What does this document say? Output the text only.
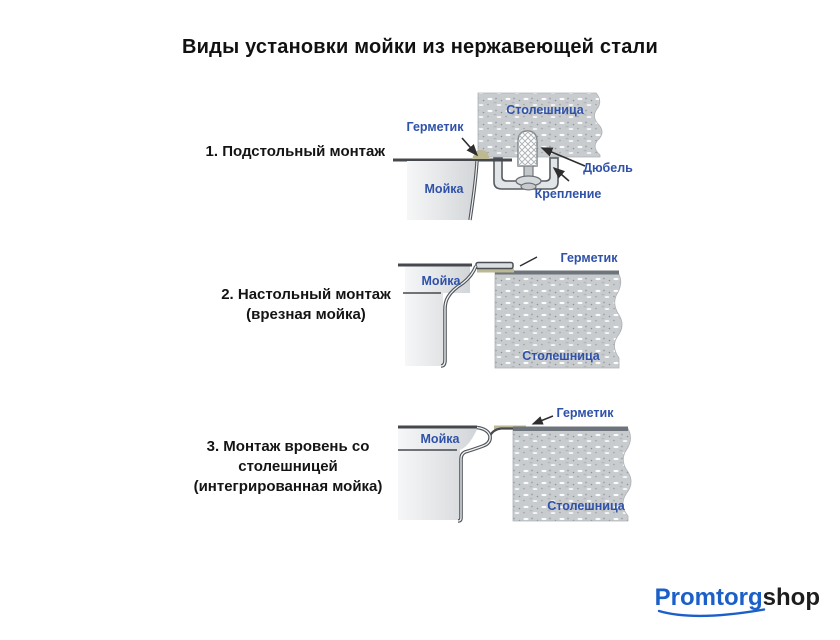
Виды установки мойки из нержавеющей стали
1. Подстольный монтаж
2. Настольный монтаж
(врезная мойка)
3. Монтаж вровень со
столешницей
(интегрированная мойка)
Столешница
Герметик
Дюбель
Крепление
Мойка
Герметик
Мойка
Столешница
Герметик
Мойка
Столешница
Promtorgshop
